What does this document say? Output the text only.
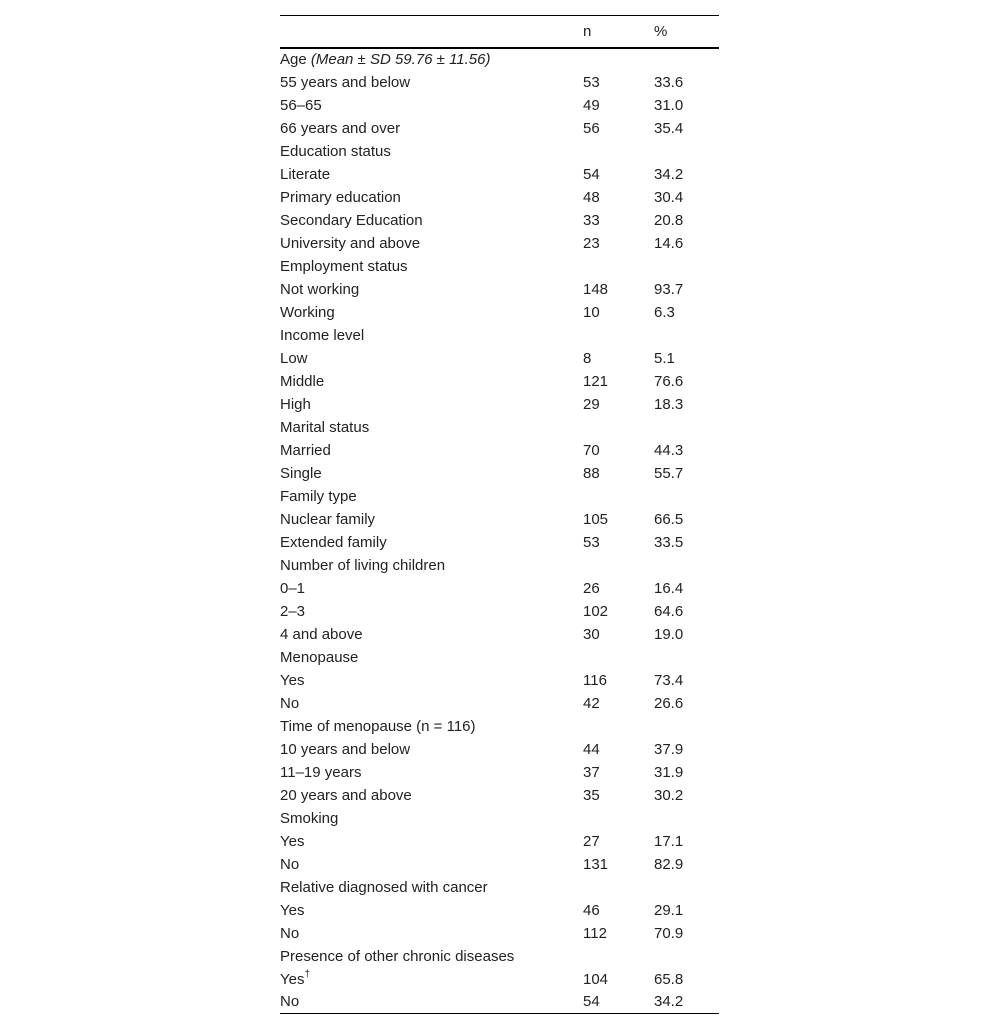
	n	%
Age (Mean ± SD 59.76 ± 11.56)		
55 years and below	53	33.6
56–65	49	31.0
66 years and over	56	35.4
Education status		
Literate	54	34.2
Primary education	48	30.4
Secondary Education	33	20.8
University and above	23	14.6
Employment status		
Not working	148	93.7
Working	10	6.3
Income level		
Low	8	5.1
Middle	121	76.6
High	29	18.3
Marital status		
Married	70	44.3
Single	88	55.7
Family type		
Nuclear family	105	66.5
Extended family	53	33.5
Number of living children		
0–1	26	16.4
2–3	102	64.6
4 and above	30	19.0
Menopause		
Yes	116	73.4
No	42	26.6
Time of menopause (n = 116)		
10 years and below	44	37.9
11–19 years	37	31.9
20 years and above	35	30.2
Smoking		
Yes	27	17.1
No	131	82.9
Relative diagnosed with cancer		
Yes	46	29.1
No	112	70.9
Presence of other chronic diseases		
Yes†	104	65.8
No	54	34.2
